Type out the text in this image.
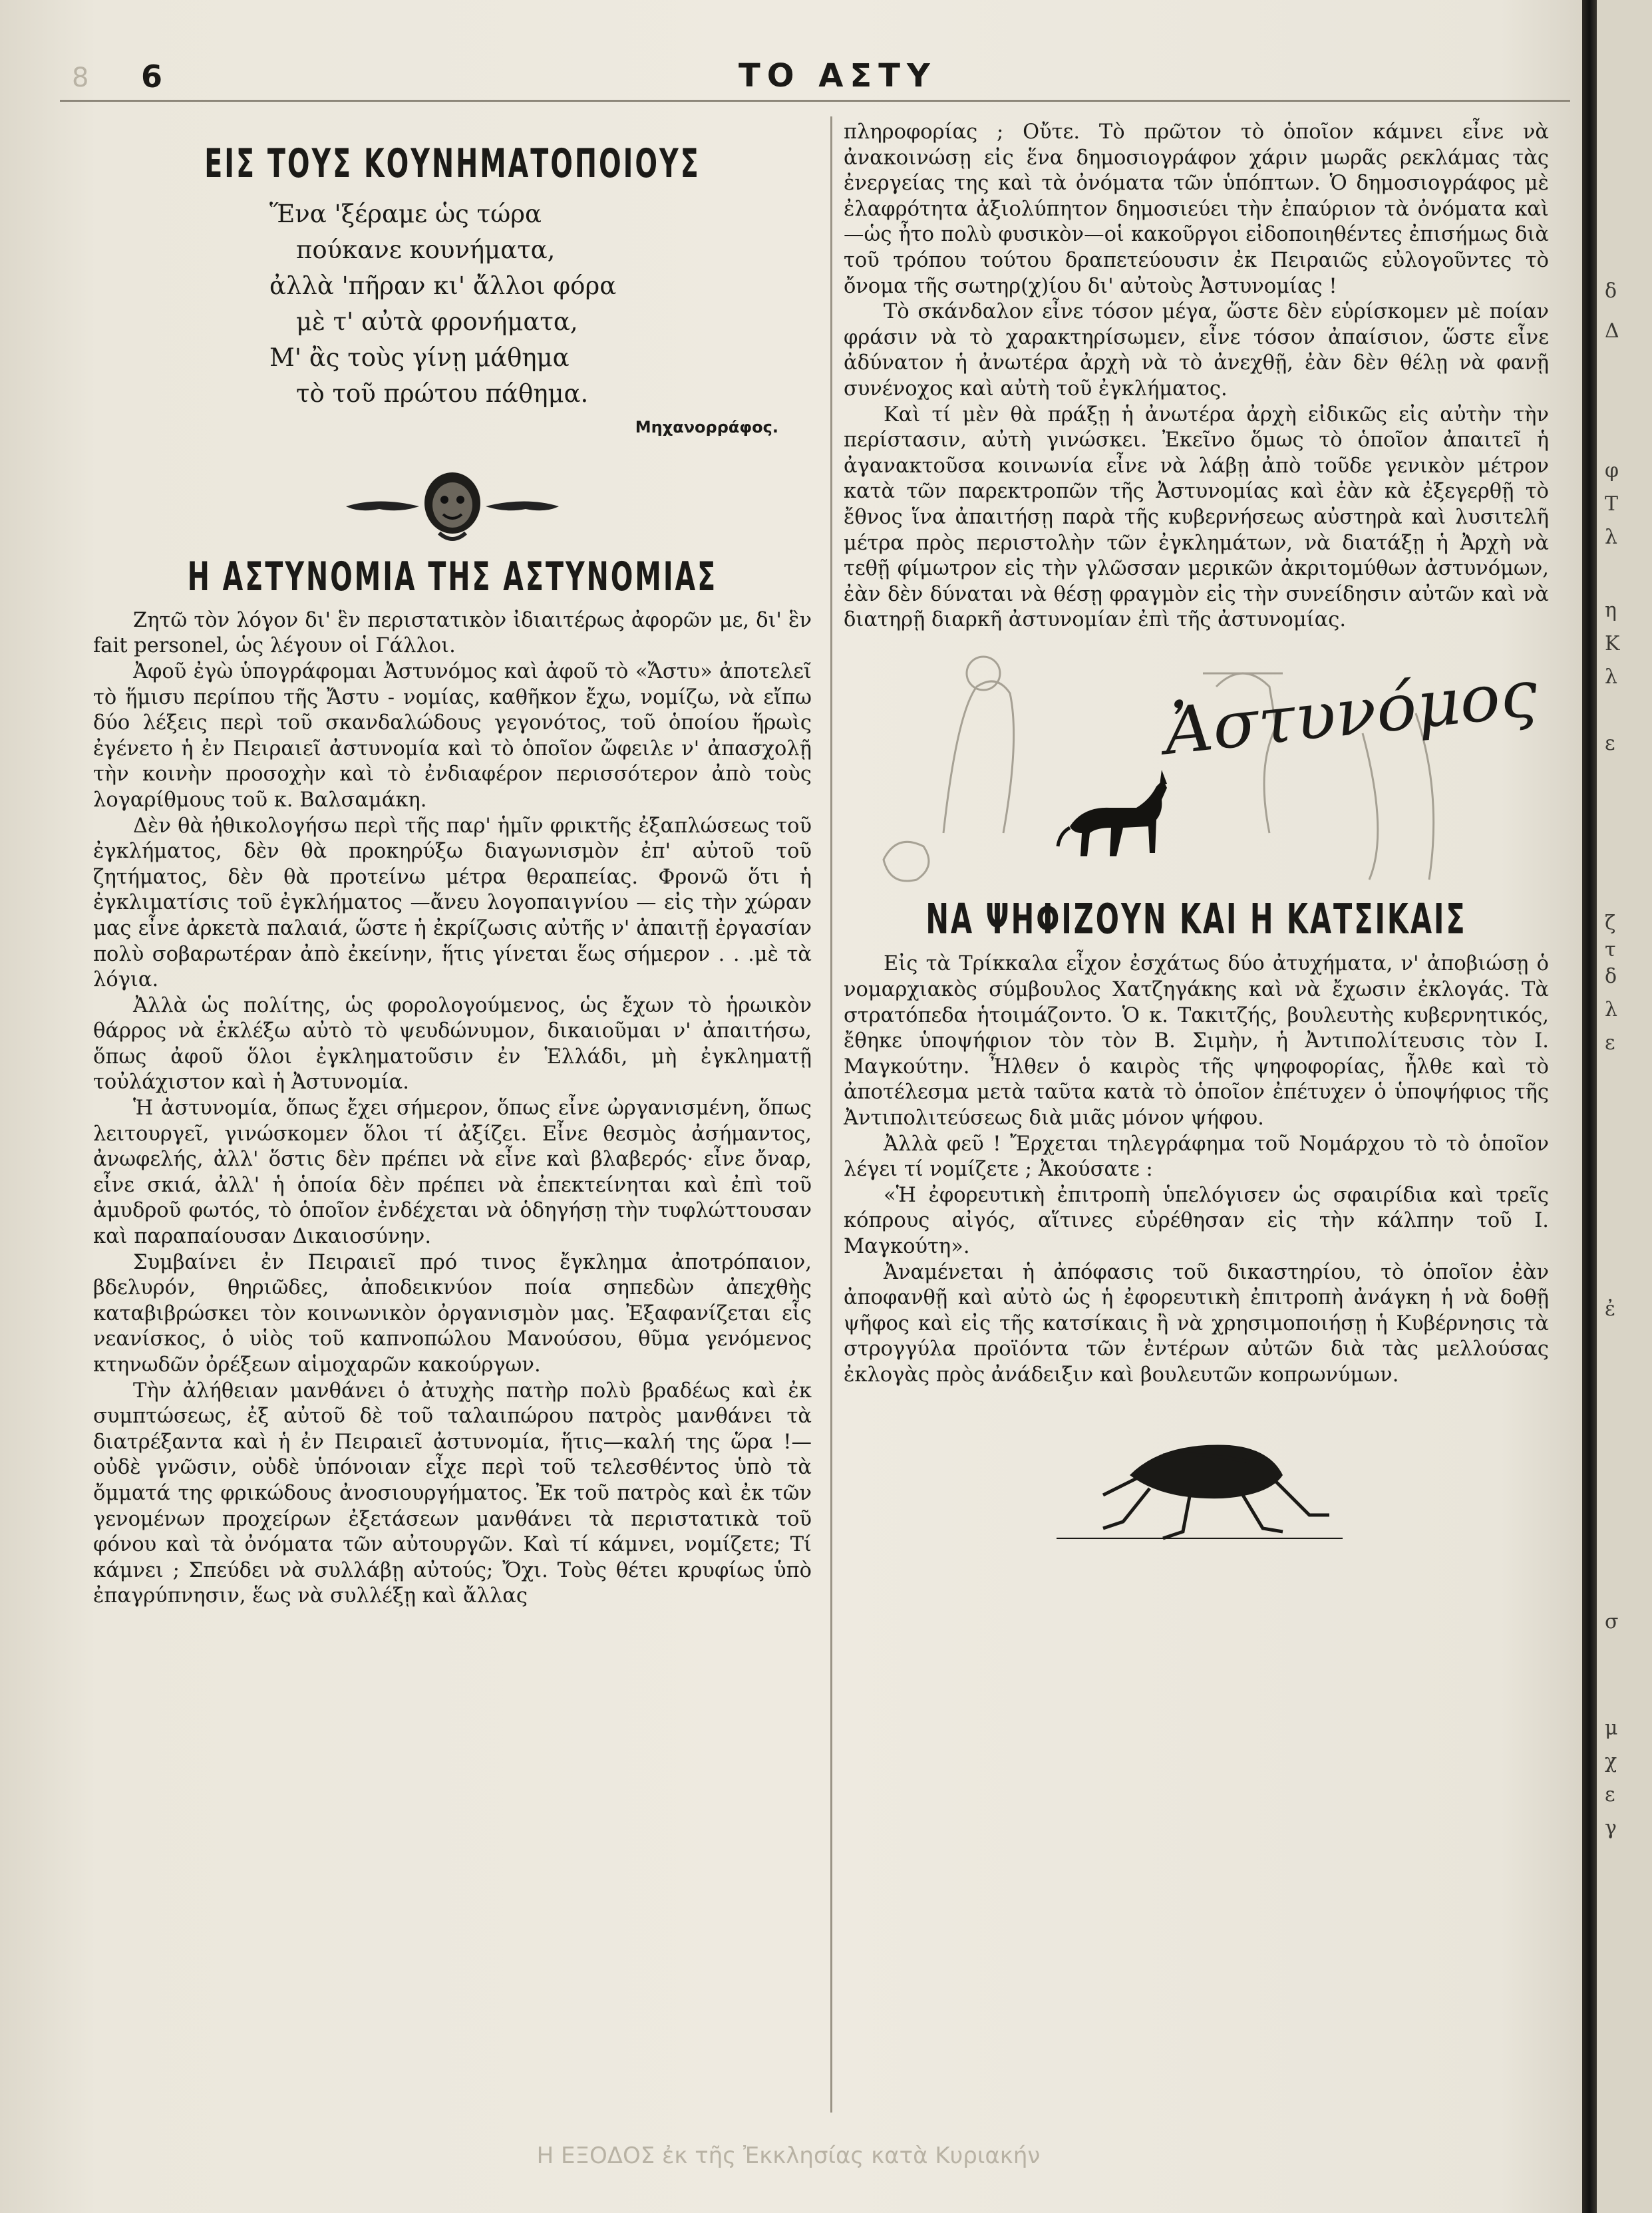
8 6	ΤΟ ΑΣΤΥ
ΕΙΣ ΤΟΥΣ ΚΟΥΝΗΜΑΤΟΠΟΙΟΥΣ
Ἕνα 'ξέραμε ὡς τώρα
πούκανε κουνήματα,
ἀλλὰ 'πῆραν κι' ἄλλοι φόρα
μὲ τ' αὐτὰ φρονήματα,
Μ' ἂς τοὺς γίνῃ μάθημα
τὸ τοῦ πρώτου πάθημα.
Μηχανορράφος.
Η ΑΣΤΥΝΟΜΙΑ ΤΗΣ ΑΣΤΥΝΟΜΙΑΣ

Ζητῶ τὸν λόγον δι' ἓν περιστατικὸν ἰδιαιτέρως ἀφορῶν με, δι' ἓν fait personel, ὡς λέγουν οἱ Γάλλοι.

Ἀφοῦ ἐγὼ ὑπογράφομαι Ἀστυνόμος καὶ ἀφοῦ τὸ «Ἄστυ» ἀποτελεῖ τὸ ἥμισυ περίπου τῆς Ἄστυ - νομίας, καθῆκον ἔχω, νομίζω, νὰ εἴπω δύο λέξεις περὶ τοῦ σκανδαλώδους γεγονότος, τοῦ ὁποίου ἥρωὶς ἐγένετο ἡ ἐν Πειραιεῖ ἀστυνομία καὶ τὸ ὁποῖον ὤφειλε ν' ἀπασχολῇ τὴν κοινὴν προσοχὴν καὶ τὸ ἐνδιαφέρον περισσότερον ἀπὸ τοὺς λογαρίθμους τοῦ κ. Βαλσαμάκη.

Δὲν θὰ ἠθικολογήσω περὶ τῆς παρ' ἡμῖν φρικτῆς ἐξαπλώσεως τοῦ ἐγκλήματος, δὲν θὰ προκηρύξω διαγωνισμὸν ἐπ' αὐτοῦ τοῦ ζητήματος, δὲν θὰ προτείνω μέτρα θεραπείας. Φρονῶ ὅτι ἡ ἐγκλιματίσις τοῦ ἐγκλήματος —ἄνευ λογοπαιγνίου — εἰς τὴν χώραν μας εἶνε ἀρκετὰ παλαιά, ὥστε ἡ ἐκρίζωσις αὐτῆς ν' ἀπαιτῇ ἐργασίαν πολὺ σοβαρωτέραν ἀπὸ ἐκείνην, ἥτις γίνεται ἕως σήμερον . . .μὲ τὰ λόγια.

Ἀλλὰ ὡς πολίτης, ὡς φορολογούμενος, ὡς ἔχων τὸ ἡρωικὸν θάρρος νὰ ἐκλέξω αὐτὸ τὸ ψευδώνυμον, δικαιοῦμαι ν' ἀπαιτήσω, ὅπως ἀφοῦ ὅλοι ἐγκληματοῦσιν ἐν Ἑλλάδι, μὴ ἐγκληματῇ τοὐλάχιστον καὶ ἡ Ἀστυνομία.

Ἡ ἀστυνομία, ὅπως ἔχει σήμερον, ὅπως εἶνε ὠργανισμένη, ὅπως λειτουργεῖ, γινώσκομεν ὅλοι τί ἀξίζει. Εἶνε θεσμὸς ἀσήμαντος, ἀνωφελής, ἀλλ' ὅστις δὲν πρέπει νὰ εἶνε καὶ βλαβερός· εἶνε ὄναρ, εἶνε σκιά, ἀλλ' ἡ ὁποία δὲν πρέπει νὰ ἐπεκτείνηται καὶ ἐπὶ τοῦ ἀμυδροῦ φωτός, τὸ ὁποῖον ἐνδέχεται νὰ ὁδηγήσῃ τὴν τυφλώττουσαν καὶ παραπαίουσαν Δικαιοσύνην.

Συμβαίνει ἐν Πειραιεῖ πρό τινος ἔγκλημα ἀποτρόπαιον, βδελυρόν, θηριῶδες, ἀποδεικνύον ποία σηπεδὼν ἀπεχθὴς καταβιβρώσκει τὸν κοινωνικὸν ὀργανισμὸν μας. Ἐξαφανίζεται εἷς νεανίσκος, ὁ υἱὸς τοῦ καπνοπώλου Μανούσου, θῦμα γενόμενος κτηνωδῶν ὀρέξεων αἱμοχαρῶν κακούργων.

Τὴν ἀλήθειαν μανθάνει ὁ ἀτυχὴς πατὴρ πολὺ βραδέως καὶ ἐκ συμπτώσεως, ἐξ αὐτοῦ δὲ τοῦ ταλαιπώρου πατρὸς μανθάνει τὰ διατρέξαντα καὶ ἡ ἐν Πειραιεῖ ἀστυνομία, ἥτις—καλή της ὥρα !—οὐδὲ γνῶσιν, οὐδὲ ὑπόνοιαν εἶχε περὶ τοῦ τελεσθέντος ὑπὸ τὰ ὄμματά της φρικώδους ἀνοσιουργήματος. Ἐκ τοῦ πατρὸς καὶ ἐκ τῶν γενομένων προχείρων ἐξετάσεων μανθάνει τὰ περιστατικὰ τοῦ φόνου καὶ τὰ ὀνόματα τῶν αὐτουργῶν. Καὶ τί κάμνει, νομίζετε; Τί κάμνει ; Σπεύδει νὰ συλλάβῃ αὐτούς; Ὄχι. Τοὺς θέτει κρυφίως ὑπὸ ἐπαγρύπνησιν, ἕως νὰ συλλέξῃ καὶ ἄλλας

πληροφορίας ; Οὔτε. Τὸ πρῶτον τὸ ὁποῖον κάμνει εἶνε νὰ ἀνακοινώσῃ εἰς ἕνα δημοσιογράφον χάριν μωρᾶς ρεκλάμας τὰς ἐνεργείας της καὶ τὰ ὀνόματα τῶν ὑπόπτων. Ὁ δημοσιογράφος μὲ ἐλαφρότητα ἀξιολύπητον δημοσιεύει τὴν ἐπαύριον τὰ ὀνόματα καὶ—ὡς ἦτο πολὺ φυσικὸν—οἱ κακοῦργοι εἰδοποιηθέντες ἐπισήμως διὰ τοῦ τρόπου τούτου δραπετεύουσιν ἐκ Πειραιῶς εὐλογοῦντες τὸ ὄνομα τῆς σωτηρ(χ)ίου δι' αὐτοὺς Ἀστυνομίας !

Τὸ σκάνδαλον εἶνε τόσον μέγα, ὥστε δὲν εὑρίσκομεν μὲ ποίαν φράσιν νὰ τὸ χαρακτηρίσωμεν, εἶνε τόσον ἀπαίσιον, ὥστε εἶνε ἀδύνατον ἡ ἀνωτέρα ἀρχὴ νὰ τὸ ἀνεχθῇ, ἐὰν δὲν θέλῃ νὰ φανῇ συνένοχος καὶ αὐτὴ τοῦ ἐγκλήματος.

Καὶ τί μὲν θὰ πράξῃ ἡ ἀνωτέρα ἀρχὴ εἰδικῶς εἰς αὐτὴν τὴν περίστασιν, αὐτὴ γινώσκει. Ἐκεῖνο ὅμως τὸ ὁποῖον ἀπαιτεῖ ἡ ἀγανακτοῦσα κοινωνία εἶνε νὰ λάβῃ ἀπὸ τοῦδε γενικὸν μέτρον κατὰ τῶν παρεκτροπῶν τῆς Ἀστυνομίας καὶ ἐὰν κὰ ἐξεγερθῇ τὸ ἔθνος ἵνα ἀπαιτήσῃ παρὰ τῆς κυβερνήσεως αὐστηρὰ καὶ λυσιτελῆ μέτρα πρὸς περιστολὴν τῶν ἐγκλημάτων, νὰ διατάξῃ ἡ Ἀρχὴ νὰ τεθῇ φίμωτρον εἰς τὴν γλῶσσαν μερικῶν ἀκριτομύθων ἀστυνόμων, ἐὰν δὲν δύναται νὰ θέσῃ φραγμὸν εἰς τὴν συνείδησιν αὐτῶν καὶ νὰ διατηρῇ διαρκῆ ἀστυνομίαν ἐπὶ τῆς ἀστυνομίας.

Ἀστυνόμος
ΝΑ ΨΗΦΙΖΟΥΝ ΚΑΙ Η ΚΑΤΣΙΚΑΙΣ

Εἰς τὰ Τρίκκαλα εἶχον ἐσχάτως δύο ἀτυχήματα, ν' ἀποβιώσῃ ὁ νομαρχιακὸς σύμβουλος Χατζηγάκης καὶ νὰ ἔχωσιν ἐκλογάς. Τὰ στρατόπεδα ἡτοιμάζοντο. Ὁ κ. Τακιτζής, βουλευτὴς κυβερνητικός, ἔθηκε ὑποψήφιον τὸν τὸν Β. Σιμὴν, ἡ Ἀντιπολίτευσις τὸν Ι. Μαγκούτην. Ἦλθεν ὁ καιρὸς τῆς ψηφοφορίας, ἦλθε καὶ τὸ ἀποτέλεσμα μετὰ ταῦτα κατὰ τὸ ὁποῖον ἐπέτυχεν ὁ ὑποψήφιος τῆς Ἀντιπολιτεύσεως διὰ μιᾶς μόνον ψήφου.

Ἀλλὰ φεῦ ! Ἔρχεται τηλεγράφημα τοῦ Νομάρχου τὸ τὸ ὁποῖον λέγει τί νομίζετε ; Ἀκούσατε :

«Ἡ ἐφορευτικὴ ἐπιτροπὴ ὑπελόγισεν ὡς σφαιρίδια καὶ τρεῖς κόπρους αἰγός, αἵτινες εὑρέθησαν εἰς τὴν κάλπην τοῦ Ι. Μαγκούτη».

Ἀναμένεται ἡ ἀπόφασις τοῦ δικαστηρίου, τὸ ὁποῖον ἐὰν ἀποφανθῇ καὶ αὐτὸ ὡς ἡ ἐφορευτικὴ ἐπιτροπὴ ἀνάγκη ἡ νὰ δοθῇ ψῆφος καὶ εἰς τῆς κατσίκαις ἢ νὰ χρησιμοποιήσῃ ἡ Κυβέρνησις τὰ στρογγύλα προϊόντα τῶν ἐντέρων αὐτῶν διὰ τὰς μελλούσας ἐκλογὰς πρὸς ἀνάδειξιν καὶ βουλευτῶν κοπρωνύμων.

Η ΕΞΟΔΟΣ ἐκ τῆς Ἐκκλησίας κατὰ Κυριακήν
δ
Δ
φ
Τ
λ
η
Κ
λ
ε
ζ
τ
δ
λ
ε
ἐ
σ
μ
χ
ε
γ
